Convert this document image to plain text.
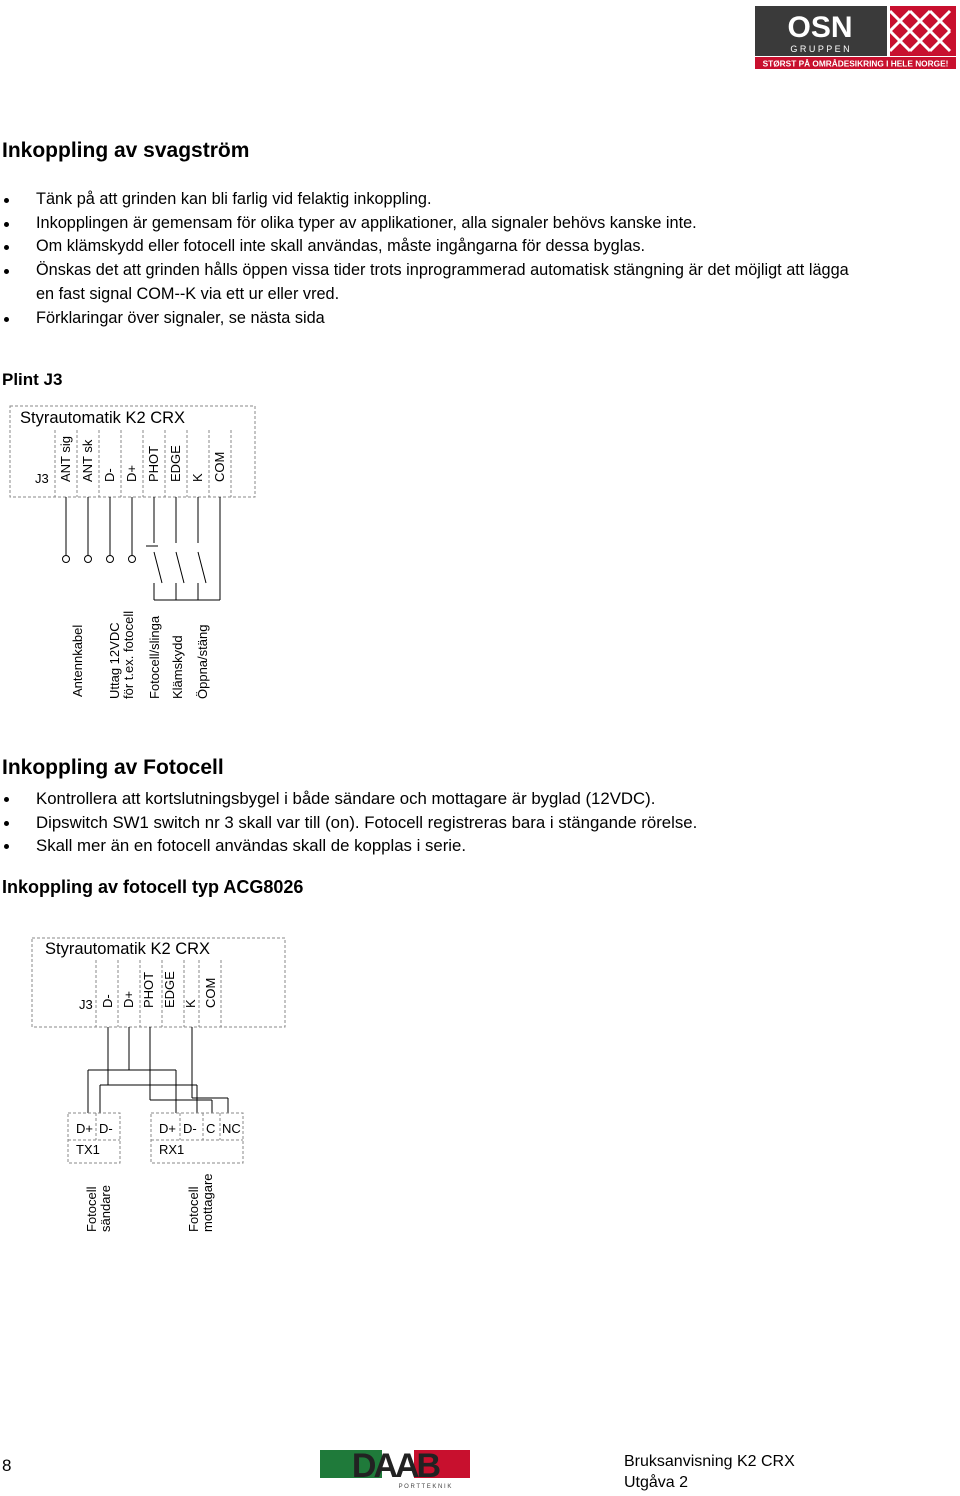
OSN
G R U P P E N
STØRST PÅ OMRÅDESIKRING I HELE NORGE!
Inkoppling av svagström
Tänk på att grinden kan bli farlig vid felaktig inkoppling.
Inkopplingen är gemensam för olika typer av applikationer, alla signaler behövs kanske inte.
Om klämskydd eller fotocell inte skall användas, måste ingångarna för dessa byglas.
Önskas det att grinden hålls öppen vissa tider trots inprogrammerad automatisk stängning är det möjligt att lägga en fast signal COM--K via ett ur eller vred.
Förklaringar över signaler, se nästa sida
Plint J3
Styrautomatik K2 CRX
J3 ANT sig ANT sk D- D+ PHOT EDGE K COM
Antennkabel Uttag 12VDC för t.ex. fotocell Fotocell/slinga Klämskydd Öppna/stäng
Inkoppling av Fotocell
Kontrollera att kortslutningsbygel i både sändare och mottagare är byglad (12VDC).
Dipswitch SW1 switch nr 3 skall var till (on). Fotocell registreras bara i stängande rörelse.
Skall mer än en fotocell användas skall de kopplas i serie.
Inkoppling av fotocell typ ACG8026
Styrautomatik K2 CRX
J3 D- D+ PHOT EDGE K COM
D+ D-
TX1
D+ D- C NC
RX1
Fotocell sändare	Fotocell mottagare
8	DAAB
P O R T T E K N I K
Bruksanvisning K2 CRX
Utgåva 2
